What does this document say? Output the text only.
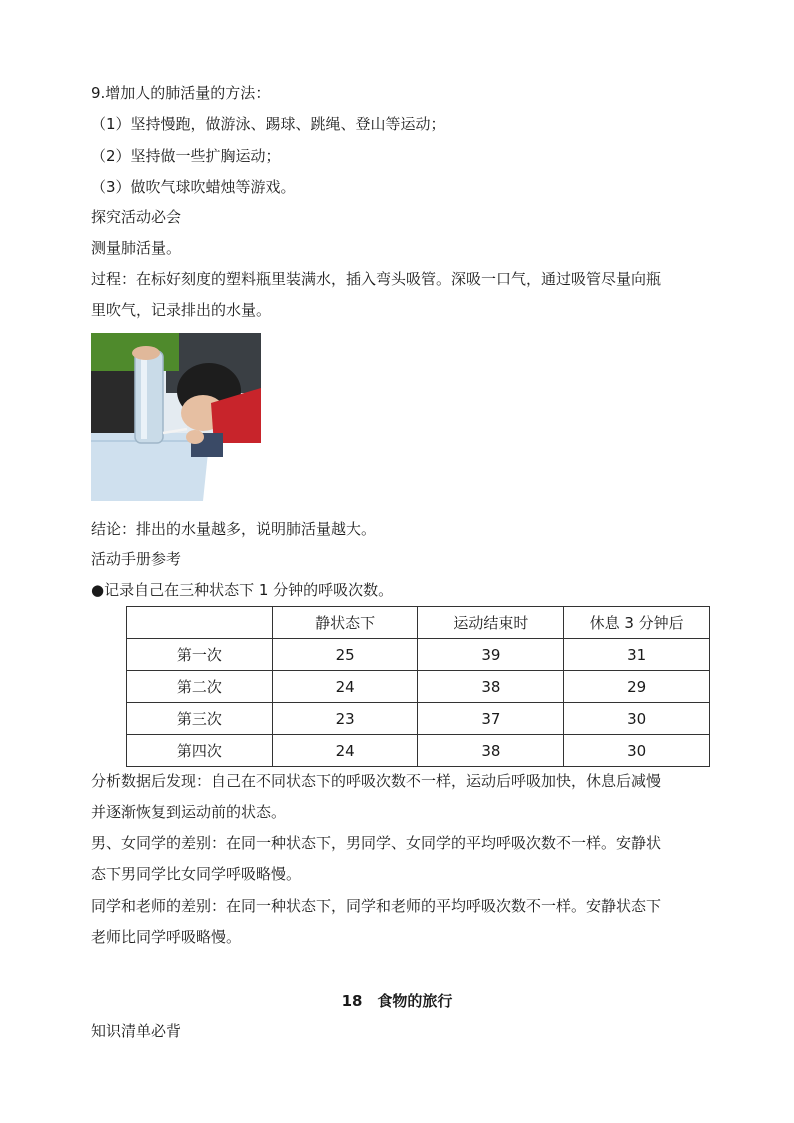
9.增加人的肺活量的方法：
（1）坚持慢跑，做游泳、踢球、跳绳、登山等运动；
（2）坚持做一些扩胸运动；
（3）做吹气球吹蜡烛等游戏。
探究活动必会
测量肺活量。
过程：在标好刻度的塑料瓶里装满水，插入弯头吸管。深吸一口气，通过吸管尽量向瓶
里吹气，记录排出的水量。
结论：排出的水量越多，说明肺活量越大。
活动手册参考
●记录自己在三种状态下 1 分钟的呼吸次数。
	静状态下	运动结束时	休息 3 分钟后
第一次	25	39	31
第二次	24	38	29
第三次	23	37	30
第四次	24	38	30
分析数据后发现：自己在不同状态下的呼吸次数不一样，运动后呼吸加快，休息后减慢
并逐渐恢复到运动前的状态。
男、女同学的差别：在同一种状态下，男同学、女同学的平均呼吸次数不一样。安静状
态下男同学比女同学呼吸略慢。
同学和老师的差别：在同一种状态下，同学和老师的平均呼吸次数不一样。安静状态下
老师比同学呼吸略慢。
18　食物的旅行
知识清单必背
